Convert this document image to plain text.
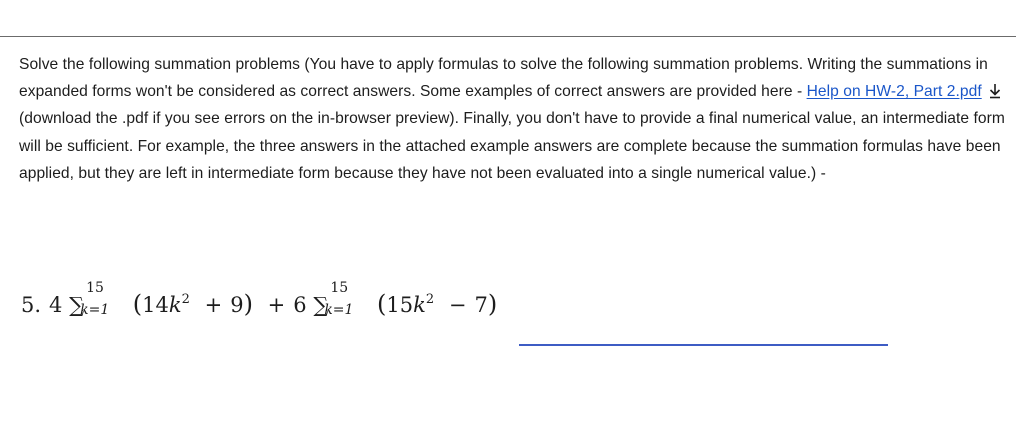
Solve the following summation problems (You have to apply formulas to solve the following summation problems. Writing the summations in expanded forms won't be considered as correct answers. Some examples of correct answers are provided here - Help on HW-2, Part 2.pdf
(download the .pdf if you see errors on the in-browser preview). Finally, you don't have to provide a final numerical value, an intermediate form will be sufficient. For example, the three answers in the attached example answers are complete because the summation formulas have been applied, but they are left in intermediate form because they have not been evaluated into a single numerical value.) -

5. 4 ∑
15
k=1 $(14k^2 + 9) + 6$ ∑
15
k=1 $(15k^2 - 7)$
